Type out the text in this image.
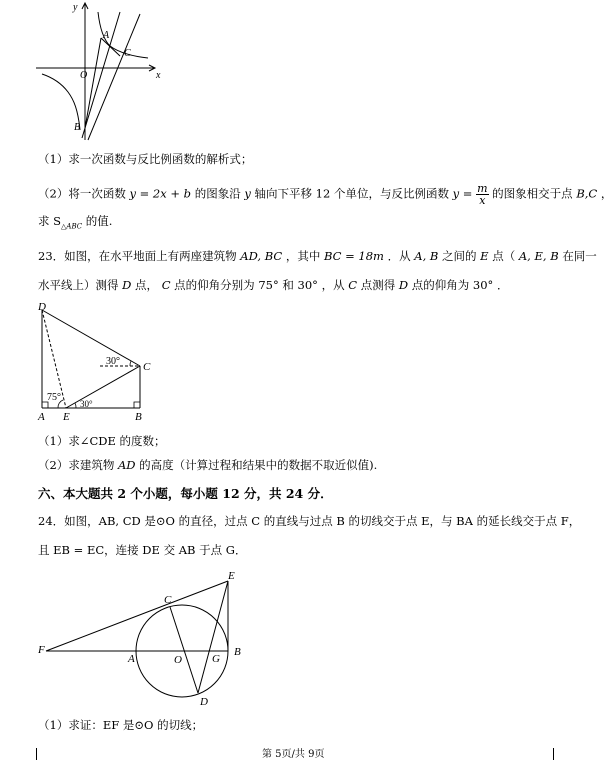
y
x
O
A
C
B
（1）求一次函数与反比例函数的解析式；
（2）将一次函数 y = 2x + b 的图象沿 y 轴向下平移 12 个单位，与反比例函数 $y = \frac{m}{x}$ 的图象相交于点 B,C ，
求 $S_{\triangle ABC}$ 的值.
23．如图，在水平地面上有两座建筑物 AD, BC ，其中 BC = 18m ．从 A, B 之间的 E 点（ A, E, B 在同一
水平线上）测得 D 点， C 点的仰角分别为 75° 和 30° ，从 C 点测得 D 点的仰角为 30° ．
D
A E	B
C
30°
75°
30°
（1）求∠CDE 的度数；
（2）求建筑物 AD 的高度（计算过程和结果中的数据不取近似值).
六、本大题共 2 个小题，每小题 12 分，共 24 分．
24．如图，AB, CD 是⊙O 的直径，过点 C 的直线与过点 B 的切线交于点 E，与 BA 的延长线交于点 F，
且 EB = EC，连接 DE 交 AB 于点 G．
E
C
F
A	O	G
B
D
（1）求证：EF 是⊙O 的切线；
第 5页/共 9页
